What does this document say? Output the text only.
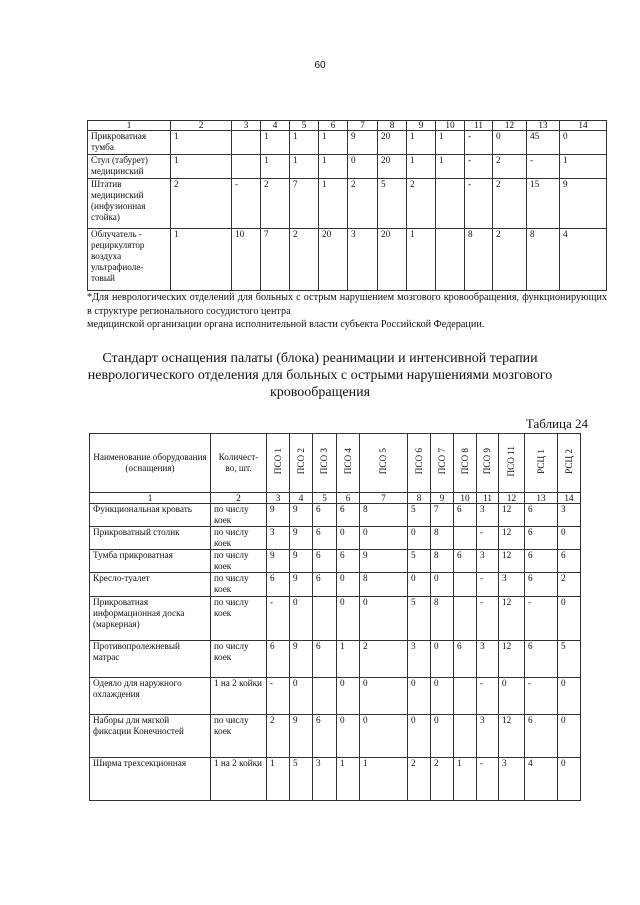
60
1	2	3	4	5	6	7	8	9	10	11	12	13	14
Прикроватная тумба	1		1	1	1	9	20	1	1	-	0	45	0
Стул (табурет) медицинский	1		1	1	1	0	20	1	1	-	2	-	1
Штатив медицинский (инфузионная стойка)	2	-	2	7	1	2	5	2		-	2	15	9
Облучатель - рециркулятор воздуха ультрафиоле-товый	1	10	7	2	20	3	20	1		8	2	8	4
*Для неврологических отделений для больных с острым нарушением мозгового кровообращения, функционирующих в структуре регионального сосудистого центра
медицинской организации органа исполнительной власти субъекта Российской Федерации.
Стандарт оснащения палаты (блока) реанимации и интенсивной терапии неврологического отделения для больных с острыми нарушениями мозгового кровообращения
Таблица 24
Наименование оборудования (оснащения)	Количест-во, шт.	ПСО 1	ПСО 2	ПСО 3	ПСО 4	ПСО 5	ПСО 6	ПСО 7	ПСО 8	ПСО 9	ПСО 11	РСЦ 1	РСЦ 2
1	2	3	4	5	6	7	8	9	10	11	12	13	14
Функциональная кровать	по числу коек	9	9	6	6	8	5	7	6	3	12	6	3
Прикроватный столик	по числу коек	3	9	6	0	0	0	8		-	12	6	0
Тумба прикроватная	по числу коек	9	9	6	6	9	5	8	6	3	12	6	6
Кресло-туалет	по числу коек	6	9	6	0	8	0	0		-	3	6	2
Прикроватная информационная доска (маркерная)	по числу коек	-	0		0	0	5	8		-	12	-	0
Противопролежневый матрас	по числу коек	6	9	6	1	2	3	0	6	3	12	6	5
Одеяло для наружного охлаждения	1 на 2 койки	-	0		0	0	0	0		-	0	-	0
Наборы для мягкой фиксации Конечностей	по числу коек	2	9	6	0	0	0	0		3	12	6	0
Ширма трехсекционная	1 на 2 койки	1	5	3	1	1	2	2	1	-	3	4	0
